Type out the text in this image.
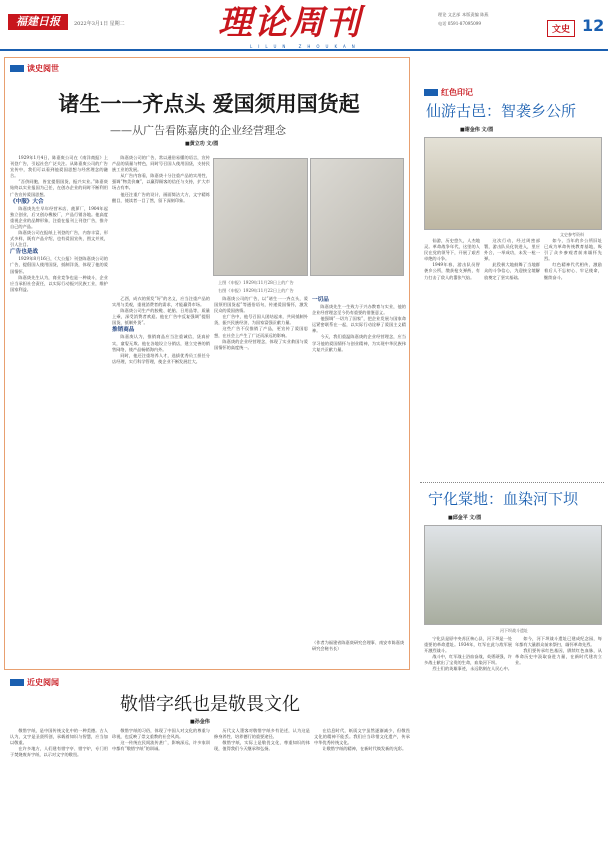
福建日报	2022年3月1日 星期二	理论周刊
LILUN ZHOUKAN
理论 文艺部 本版责编 陈燕
电话 0591-87095099
文史 12
读史阅世
诸生一一齐点头 爱国须用国货起
——从广告看陈嘉庚的企业经营理念
■黄立功 文/图

1929年1月4日，陈嘉庚公司在《南洋商报》上刊登广告，引起社会广泛关注。从陈嘉庚公司的广告宣传中，我们可以看到他爱国思想与经营理念的融合。

“吾侪同胞，皆宜提倡国货，振兴实业。”陈嘉庚始终以实业报国为己任，在创办企业的同时不断利用广告宣传爱国思想。

《中服》大合

陈嘉庚先生早年经营米店、菠萝厂，1904年起独立创业，后又创办橡胶厂，产品行销各地。他高度重视企业的品牌形象，注重在报刊上刊登广告，推介自己的产品。

陈嘉庚公司在报纸上刊登的广告，内容丰富，形式多样，既有产品介绍，也有爱国宣传，图文并茂，引人注目。

广告也是战

1929年8月16日，《大公报》刊登陈嘉庚公司的广告，提倡国人使用国货，抵制洋货，体现了他的爱国情怀。

陈嘉庚先生认为，商业竞争也是一种战斗，企业应当承担社会责任，以实际行动振兴民族工业，维护国家利益。

陈嘉庚公司的广告，常以通俗易懂的语言，宣传产品的质量与特色，同时号召国人使用国货，支持民族工业的发展。

从广告内容看，陈嘉庚十分注重产品的实用性，强调“物美价廉”，以赢得顾客的信任与支持，扩大市场占有率。

他还注重广告的设计，画面简洁大方，文字精炼醒目，使读者一目了然，留下深刻印象。

上图《申报》1929年11月28日上的广告
右图《申报》1929年11月22日上的广告

乙酉，成衣的须发“好”的名义，应当注重产品的实用与美观，重视消费者的需求，才能赢得市场。

陈嘉庚公司生产的胶鞋、轮胎、日用品等，质量上乘，深受消费者欢迎。他在广告中反复强调“提倡国货，抵制外货”。

推销商品

陈嘉庚认为，推销商品应当注重诚信，货真价实，童叟无欺。他在各地设立分销店，建立完善的销售网络，使产品畅销海内外。

同时，他还注重培养人才，选拔优秀员工担任分店经理，实行科学管理，使企业不断发展壮大。

陈嘉庚公司的广告，以“诸生一一齐点头，爱国须用国货起”等通俗语句，传递爱国情怀，激发民众的爱国热情。

在广告中，他号召国人团结起来，共同抵制外货，振兴民族经济，为国家富强贡献力量。

这些广告不仅推销了产品，更宣传了爱国思想，在社会上产生了广泛而深远的影响。

陈嘉庚的企业经营理念，体现了实业救国与爱国情怀的高度统一。

一切品

陈嘉庚先生一生致力于兴办教育与实业，他的企业经营理念至今仍有重要的借鉴意义。

他强调“一切为了国家”，把企业发展与国家命运紧密联系在一起，以实际行动诠释了爱国主义精神。

今天，我们重温陈嘉庚的企业经营理念，应当学习他的爱国情怀与创业精神，为实现中华民族伟大复兴贡献力量。

（作者为福建省陈嘉庚研究会理事、南安市陈嘉庚研究会秘书长）
红色印记
仙游古邑：智袭乡公所
■谢金伟 文/图
文史参考资料

仙游，历史悠久，人杰地灵。革命战争年代，这里的人民在党的领导下，开展了艰苦卓绝的斗争。

1949年春，游击队员智袭乡公所，缴获枪支弹药，有力打击了敌人的嚣张气焰。

这次行动，经过周密部署，游击队员化装进入，里应外合，一举成功，未发一枪一弹。

此役极大地鼓舞了当地群众的斗争信心，为迎接全境解放奠定了坚实基础。

如今，当年的乡公所旧址已成为革命传统教育基地，吸引了众多参观者前来缅怀先烈。

红色精神代代相传，激励着后人不忘初心、牢记使命，继续奋斗。

宁化棠地：血染河下坝
■邱金平 文/图
河下坝战斗遗址

宁化县是原中央苏区核心县，河下坝是一处重要的革命遗址。1934年，红军在此与敌军展开激烈战斗。

战斗中，红军战士浴血奋战，英勇顽强，许多战士献出了宝贵的生命，血染河下坝。

烈士们的英雄事迹，永远铭刻在人民心中。

如今，河下坝战斗遗址已建成纪念园，每年都有大量群众前来祭扫，缅怀革命先烈。

我们要传承红色基因，赓续红色血脉，从革命历史中汲取奋进力量，在新时代建功立业。

近史阅闻
敬惜字纸也是敬畏文化
■孙金伟

敬惜字纸，是中国传统文化中的一种美德。古人认为，文字是圣贤所创，承载着知识与智慧，应当加以敬重。

在许多地方，人们建有惜字亭、惜字炉，专门用于焚烧废弃字纸，以示对文字的敬畏。

敬惜字纸的习俗，体现了中国人对文化的尊重与珍视，也反映了崇文重教的社会风尚。

这一传统在民间流传甚广，影响深远，许多家训中都有“敬惜字纸”的训诫。

历代文人墨客对敬惜字纸多有论述，认为这是修身养性、培养德行的重要途径。

敬惜字纸，实际上是敬畏文化、尊重知识的体现，值得我们今天继承和弘扬。

在信息时代，纸质文字虽然逐渐减少，但敬畏文化的精神不能丢。我们应当珍惜文化遗产，传承中华优秀传统文化。

让敬惜字纸的精神，在新时代焕发新的光彩。
